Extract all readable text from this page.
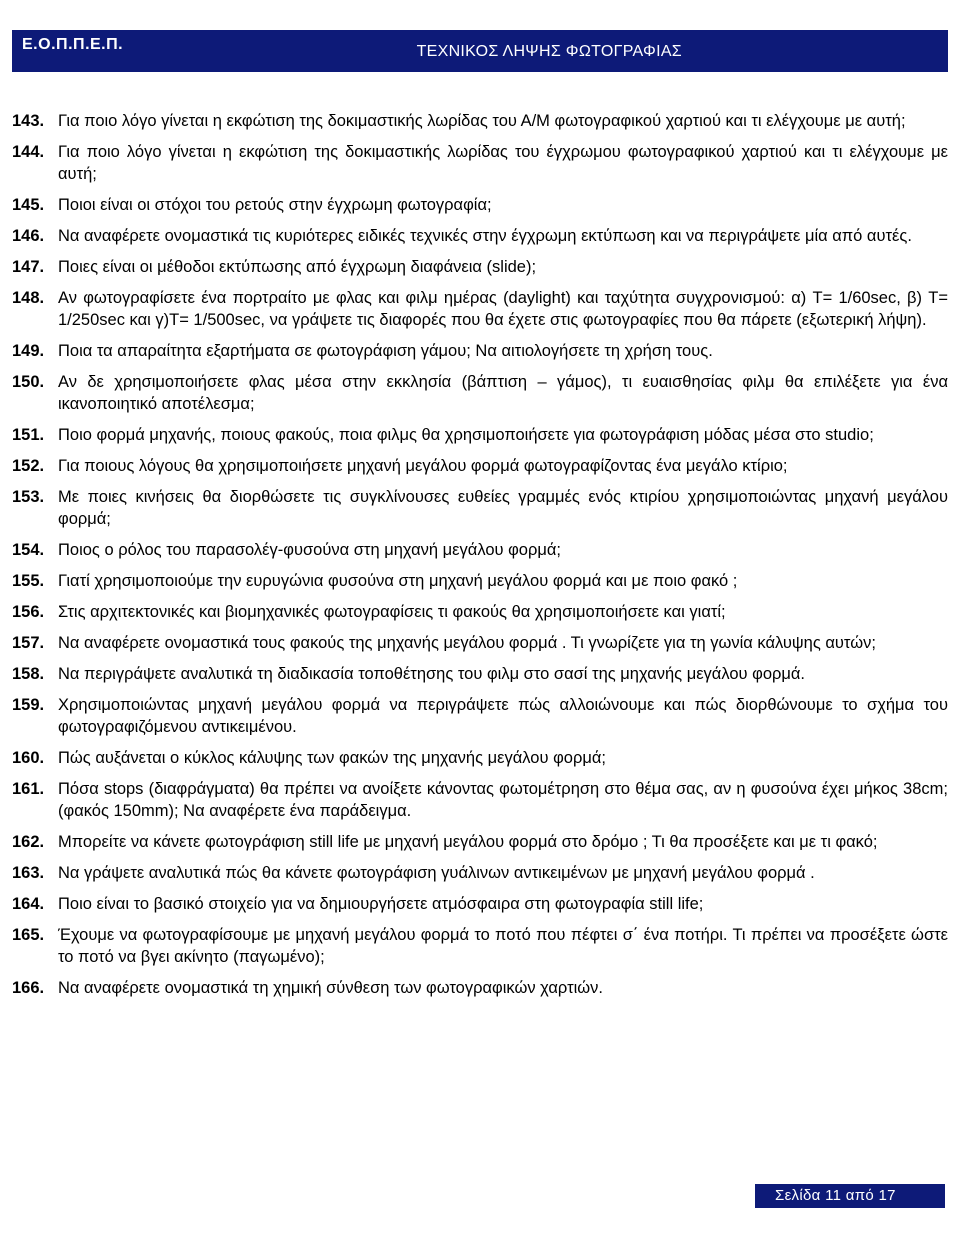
Ε.Ο.Π.Π.Ε.Π.	ΤΕΧΝΙΚΟΣ ΛΗΨΗΣ ΦΩΤΟΓΡΑΦΙΑΣ
143. Για ποιο λόγο γίνεται η εκφώτιση της δοκιμαστικής λωρίδας του Α/Μ φωτογραφικού χαρτιού και τι ελέγχουμε με αυτή;
144. Για ποιο λόγο γίνεται η εκφώτιση της δοκιμαστικής λωρίδας του έγχρωμου φωτογραφικού χαρτιού και τι ελέγχουμε με αυτή;
145. Ποιοι είναι οι στόχοι του ρετούς στην έγχρωμη φωτογραφία;
146. Να αναφέρετε ονομαστικά τις κυριότερες ειδικές τεχνικές στην έγχρωμη εκτύπωση και να περιγράψετε μία από αυτές.
147. Ποιες είναι οι μέθοδοι εκτύπωσης από έγχρωμη διαφάνεια (slide);
148. Αν φωτογραφίσετε ένα πορτραίτο με φλας και φιλμ ημέρας (daylight) και ταχύτητα συγχρονισμού: α) T= 1/60sec, β) T= 1/250sec και γ)T= 1/500sec, να γράψετε τις διαφορές που θα έχετε στις φωτογραφίες που θα πάρετε (εξωτερική λήψη).
149. Ποια τα απαραίτητα εξαρτήματα σε φωτογράφιση γάμου; Να αιτιολογήσετε τη χρήση τους.
150. Αν δε χρησιμοποιήσετε φλας μέσα στην εκκλησία (βάπτιση – γάμος), τι ευαισθησίας φιλμ θα επιλέξετε για ένα ικανοποιητικό αποτέλεσμα;
151. Ποιο φορμά μηχανής, ποιους φακούς, ποια φιλμς θα χρησιμοποιήσετε για φωτογράφιση μόδας μέσα στο studio;
152. Για ποιους λόγους θα χρησιμοποιήσετε μηχανή μεγάλου φορμά φωτογραφίζοντας ένα μεγάλο κτίριο;
153. Με ποιες κινήσεις θα διορθώσετε τις συγκλίνουσες ευθείες γραμμές ενός κτιρίου χρησιμοποιώντας μηχανή μεγάλου φορμά;
154. Ποιος ο ρόλος του παρασολέγ-φυσούνα στη μηχανή μεγάλου φορμά;
155. Γιατί χρησιμοποιούμε την ευρυγώνια φυσούνα στη μηχανή μεγάλου φορμά και με ποιο φακό ;
156. Στις αρχιτεκτονικές και βιομηχανικές φωτογραφίσεις τι φακούς θα χρησιμοποιήσετε και γιατί;
157. Να αναφέρετε ονομαστικά τους φακούς της μηχανής μεγάλου φορμά . Τι γνωρίζετε για τη γωνία κάλυψης αυτών;
158. Να περιγράψετε αναλυτικά τη διαδικασία τοποθέτησης του φιλμ στο σασί της μηχανής μεγάλου φορμά.
159. Χρησιμοποιώντας μηχανή μεγάλου φορμά να περιγράψετε πώς αλλοιώνουμε και πώς διορθώνουμε το σχήμα του φωτογραφιζόμενου αντικειμένου.
160. Πώς αυξάνεται ο κύκλος κάλυψης των φακών της μηχανής μεγάλου φορμά;
161. Πόσα stops (διαφράγματα) θα πρέπει να ανοίξετε κάνοντας φωτομέτρηση στο θέμα σας, αν η φυσούνα έχει μήκος 38cm; (φακός 150mm); Να αναφέρετε ένα παράδειγμα.
162. Μπορείτε να κάνετε φωτογράφιση still life με μηχανή μεγάλου φορμά στο δρόμο ; Τι θα προσέξετε και με τι φακό;
163. Να γράψετε αναλυτικά πώς θα κάνετε φωτογράφιση γυάλινων αντικειμένων με μηχανή μεγάλου φορμά .
164. Ποιο είναι το βασικό στοιχείο για να δημιουργήσετε ατμόσφαιρα στη φωτογραφία still life;
165. Έχουμε να φωτογραφίσουμε με μηχανή μεγάλου φορμά το ποτό που πέφτει σ΄ ένα ποτήρι. Τι πρέπει να προσέξετε ώστε το ποτό να βγει ακίνητο (παγωμένο);
166. Να αναφέρετε ονομαστικά τη χημική σύνθεση των φωτογραφικών χαρτιών.
Σελίδα 11 από 17
